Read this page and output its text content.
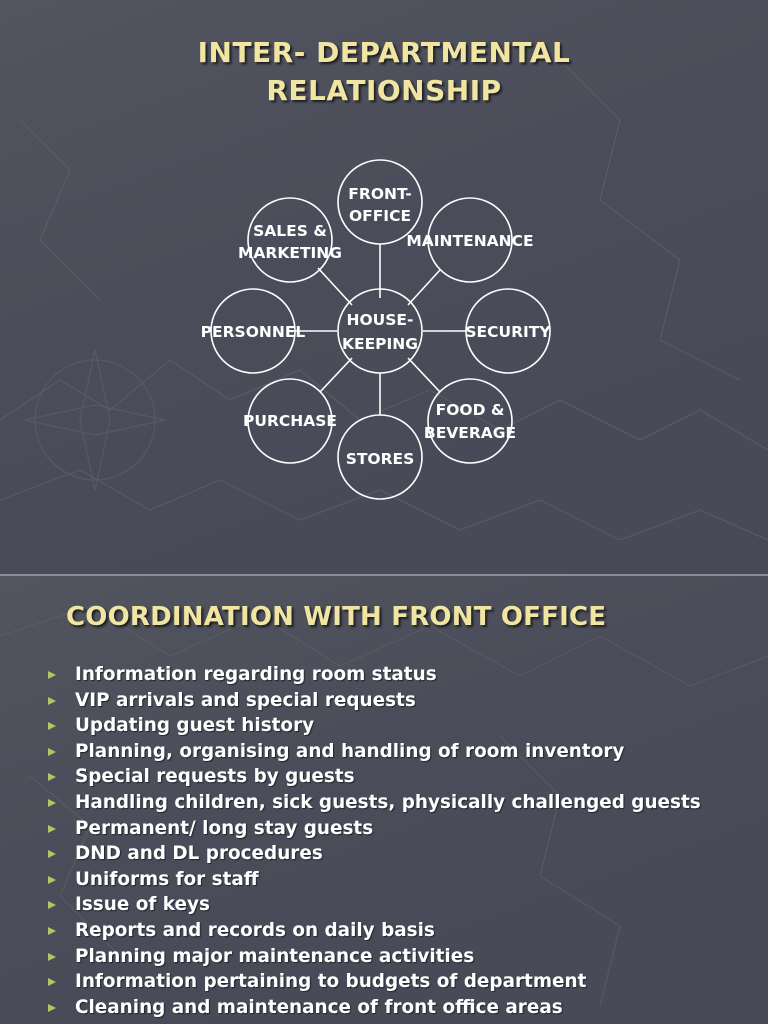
INTER- DEPARTMENTAL
RELATIONSHIP
HOUSE-
KEEPING
FRONT-
OFFICE
MAINTENANCE
SECURITY
FOOD &
BEVERAGE
STORES
PURCHASE
PERSONNEL
SALES &
MARKETING
COORDINATION WITH FRONT OFFICE
Information regarding room status
VIP arrivals and special requests
Updating guest history
Planning, organising and handling of room inventory
Special requests by guests
Handling children, sick guests, physically challenged guests
Permanent/ long stay guests
DND and DL procedures
Uniforms for staff
Issue of keys
Reports and records on daily basis
Planning major maintenance activities
Information pertaining to budgets of department
Cleaning and maintenance of front office areas
